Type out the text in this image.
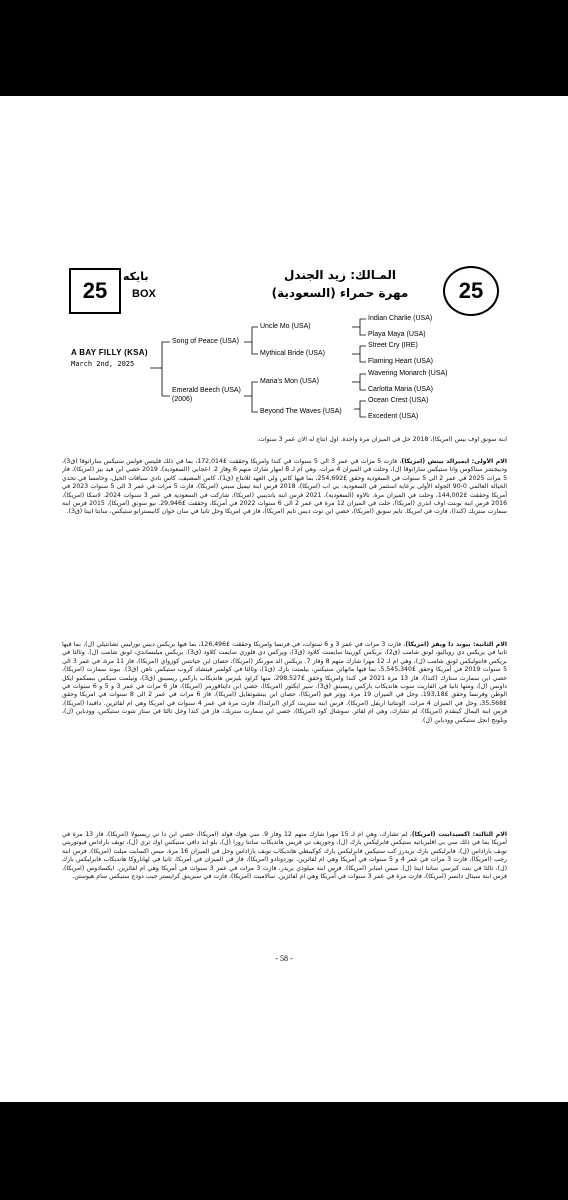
25
بايكه
BOX
المـالك: زيد الجندل
مهرة حمراء (السعودية)	25
A BAY FILLY (KSA)
March 2nd, 2025
Song of Peace (USA)
Emerald Beech (USA)
(2006)
Uncle Mo (USA)
Mythical Bride (USA)
Maria's Mon (USA)
Beyond The Waves (USA)
Indian Charlie (USA)
Playa Maya (USA)
Street Cry (IRE)
Flaming Heart (USA)
Wavering Monarch (USA)
Carlotta Maria (USA)
Ocean Crest (USA)
Excedent (USA)
ابنة سونق اوف بيس (امريكا)، 2018 حل في الميزان مرة واحدة. اول انتاج له الان عمر 3 سنوات.
الام الأولى: ايميرالد بيتش (امريكا)، فازت 5 مرات في عمر 3 الى 5 سنوات في كندا وامريكا وحققت £172,014، بما في ذلك فليتس فولس ستيكس ساراتوقا (ق3)، ودبيجنتنز ستاكوس وانا ستيكس ساراتوقا (ل)، وحلت في الميزان 4 مرات. وهي ام لـ 8 امهار شارك منهم 6 وفاز 2. اعجابي (السعودية)، 2019 خصي ابن فيد بيز (امريكا)، فاز 5 مرات 2025 في عمر 2 الى 5 سنوات في السعودية وحقق £254,692، بما فيها كاس ولي العهد للانتاج (ق1)، كاس المصيف، كاس نادي سباقات الخيل، وخامسا في تحدي الخيالة العالمي 0-90 الجولة الأولى برعاية استثمر في السعودية. بي اب (امريكا)، 2018 فرس ابنة تيميل سيتي (امريكا)، فازت 5 مرات في عمر 3 الى 5 سنوات 2023 في أمريكا وحققت £144,002، وحلت في الميزان مرة. تالاوه (السعودية)، 2021 فرس ابنة باندينبي (امريكا)، شاركت في السعودية في عمر 3 سنوات 2024. لاسكا (امريكا)، 2016 فرس ابنة بوبنت اوف اندري (امريكا)، حلت في الميزان 12 مرة في عمر 2 الى 6 سنوات 2022 في أمريكا، وحققت £29,946. نيو سونق (امريكا)، 2015 فرس ابنة سمارت ستريك (كندا)، فازت في امريكا. تايم سونق (امريكا)، خصي ابن توت ديس تايم (امريكا)، فاز في امريكا وحل ثانيا في سان خوان كابيسترانو ستيكس، سانتا انيتا (ق3).
الام الثانية: بيوند ذا ويفز (امريكا)، فازت 3 مرات في عمر 3 و 6 سنوات، في فرنسا وامريكا وحققت £126,496، بما فيها بريكس ديس تورليس تشانتيلي (ل)، بما فيها ثانيا في بريكس دي روياليو، لونق شامب (ق2)، بريكس كوربيتا سايمنت كلاود (ق3)، ويركس دي فلوري سايمت كلاود (ق3). بريكس ميليساندي، لونق شامب (ل). وثالثا في بريكس فانتوليكس لونق شامب (ل)، وهي ام لـ 12 مهرا شارك منهم 8 وفاز 7. بريكس الد مورنكز (امريكا)، حصان ابن جيانتس كوزواي (امريكا)، فاز 11 مرة، في عمر 3 الى 5 سنوات 2019 في أمريكا وحقق £5,545,340، بما فيها مانهاتن ستيكس، بيلمنت بارك (ق1)، وثالثا في كولمبر فيتشاد كروب ستيكس ناهن (ق3). ببوند سمارت (امريكا)، خصي ابن سمارت ستارك (كندا)، فاز 13 مرة 2021 في كندا وامريكا وحقق £298,527، منها كراود بليزس هانديكاب باركس ريسينق (ق3)، ونيلمت سيكس ببسكمو ايكل داونس (ل)، ومنها ثانيا في الفاريت سوب هانديكاب باركس ريسينق (ق3). سير ايكتور (امريكا)، خصي ابن دايناقورمز (امريكا)، فاز 6 مرات في عمر 3 و 5 و 6 سنوات في الوطن وفرنسا وحقق £193,18، وحل في الميزان 19 مرة. ووتر فيو (امريكا)، حصان ابن بيتشوتفايل (امريكا)، فاز 6 مرات في عمر 2 الى 8 سنوات في امريكا وحقق £35,568، وحل في الميزان 4 مرات. الونتاتيا اريفل (امريكا)، فرس ابنة ستريت كراي (ايرلندا)، فازت مرة في عمر 4 سنوات في امريكا وهي ام لفائزين. دافيدا (امريكا)، فرس ابنة اليمال كينقدم (امريكا)، لم تشارك، وهي ام لفائز. سوشال كود (امريكا)، خصي ابن سمارت ستريك، فاز في كندا وحل ثالثا في ستار شوت ستيكس، وودباين (ل)، وبلونج انجل ستيكس وودباين (ل).
الام الثالثة: اكسيدابنت (امريكا)، لم تشارك، وهي ام لـ 15 مهرا شارك منهم 12 وفاز 9. سي هوك قولد (امريكا)، خصي ابن دا تي ريسبولا (امريكا)، فاز 13 مرة في أمريكا بما في ذلك سي بي اقليرباتيه ستيكس فابرليكس بارك (ل)، وجوريف تي فريس هانديكاب سانتا روزا (ل)، بلو ايد دافي ستيكس اوك تري (ل)، توبف باراداس فيوتوريتي توبف باراداس (ل)، فابرليكس بارك بريدرز كب ستيكس فابرليكس بارك كوكيبطي هانديكاب توبف باراداس وحل في الميزان 16 مرة. ميس اكسابت ميلت (امريكا)، فرس ابنة رجب (امريكا)، فازت 3 مرات في عمر 4 و 5 سنوات في أمريكا وهي ام لفائزين. بوردونادو (امريكا)، فاز في الميزان في أمريكا، ثانيا في لهاناروكا هانديكاب فابرليكس بارك (ل)، ثالثا في بنت كيرسي سانتا انيتا (ل). ميس امبابر (امريكا)، فرس ابنة ميلودي بريدر، فازت 3 مرات في عمر 3 سنوات في أمريكا وهي ام لفائزين. ايكسادوس (امريكا)، فرس ابنة سيتال دانسر (امريكا)، فازت مرة في عمر 3 سنوات في أمريكا وهي ام لفائزين. سالاميت (امريكا)، فازت في سبرينق كرايستر جيب دودج ستيكس سام هيوستن.
- 58 -
